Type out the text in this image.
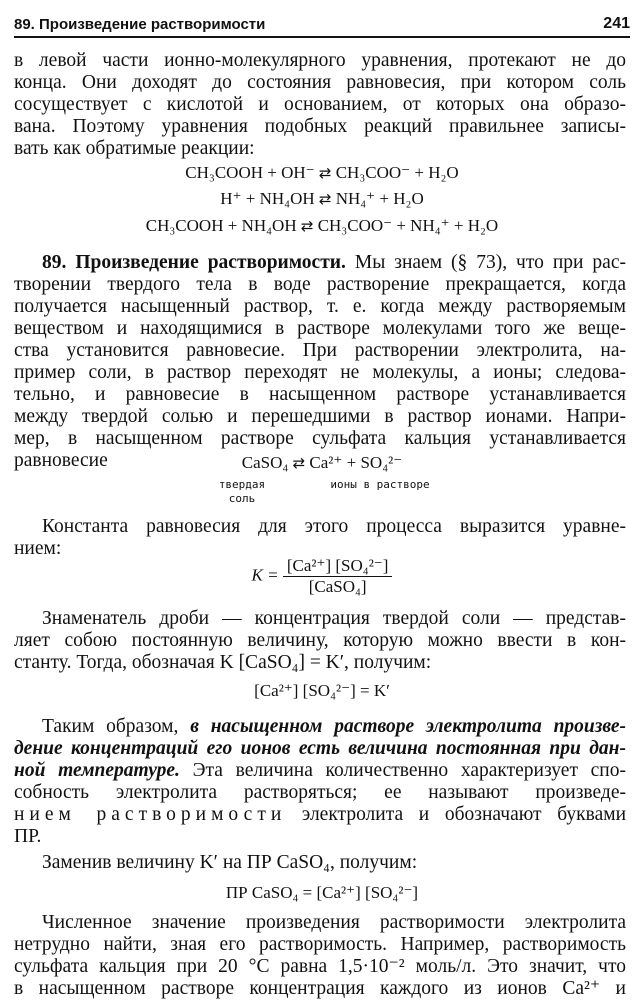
89. Произведение растворимости	241
в левой части ионно-молекулярного уравнения, протекают не до
конца. Они доходят до состояния равновесия, при котором соль
сосуществует с кислотой и основанием, от которых она образо-
вана. Поэтому уравнения подобных реакций правильнее записы-
вать как обратимые реакции:
CH₃COOH + OH⁻ ⇄ CH₃COO⁻ + H₂O
H⁺ + NH₄OH ⇄ NH₄⁺ + H₂O
CH₃COOH + NH₄OH ⇄ CH₃COO⁻ + NH₄⁺ + H₂O
89. Произведение растворимости. Мы знаем (§ 73), что при рас-
творении твердого тела в воде растворение прекращается, когда
получается насыщенный раствор, т. е. когда между растворяемым
веществом и находящимися в растворе молекулами того же веще-
ства установится равновесие. При растворении электролита, на-
пример соли, в раствор переходят не молекулы, а ионы; следова-
тельно, и равновесие в насыщенном растворе устанавливается
между твердой солью и перешедшими в раствор ионами. Напри-
мер, в насыщенном растворе сульфата кальция устанавливается
равновесие	CaSO₄ ⇄ Ca²⁺ + SO₄²⁻
твердая
соль
ионы в растворе
Константа равновесия для этого процесса выразится уравне-
нием:
$K = \frac{\text{[Ca²⁺] [SO₄²⁻]}}{\text{[CaSO₄]}}$
Знаменатель дроби — концентрация твердой соли — представ-
ляет собою постоянную величину, которую можно ввести в кон-
станту. Тогда, обозначая K [CaSO₄] = K′, получим:
[Ca²⁺] [SO₄²⁻] = K′
Таким образом, в насыщенном растворе электролита произве-
дение концентраций его ионов есть величина постоянная при дан-
ной температуре. Эта величина количественно характеризует спо-
собность электролита растворяться; ее называют произведе-
нием растворимости электролита и обозначают буквами
ПР.
Заменив величину K′ на ПР CaSO₄, получим:
ПР CaSO₄ = [Ca²⁺] [SO₄²⁻]
Численное значение произведения растворимости электролита
нетрудно найти, зная его растворимость. Например, растворимость
сульфата кальция при 20 °С равна 1,5·10⁻² моль/л. Это значит, что
в насыщенном растворе концентрация каждого из ионов Ca²⁺ и
